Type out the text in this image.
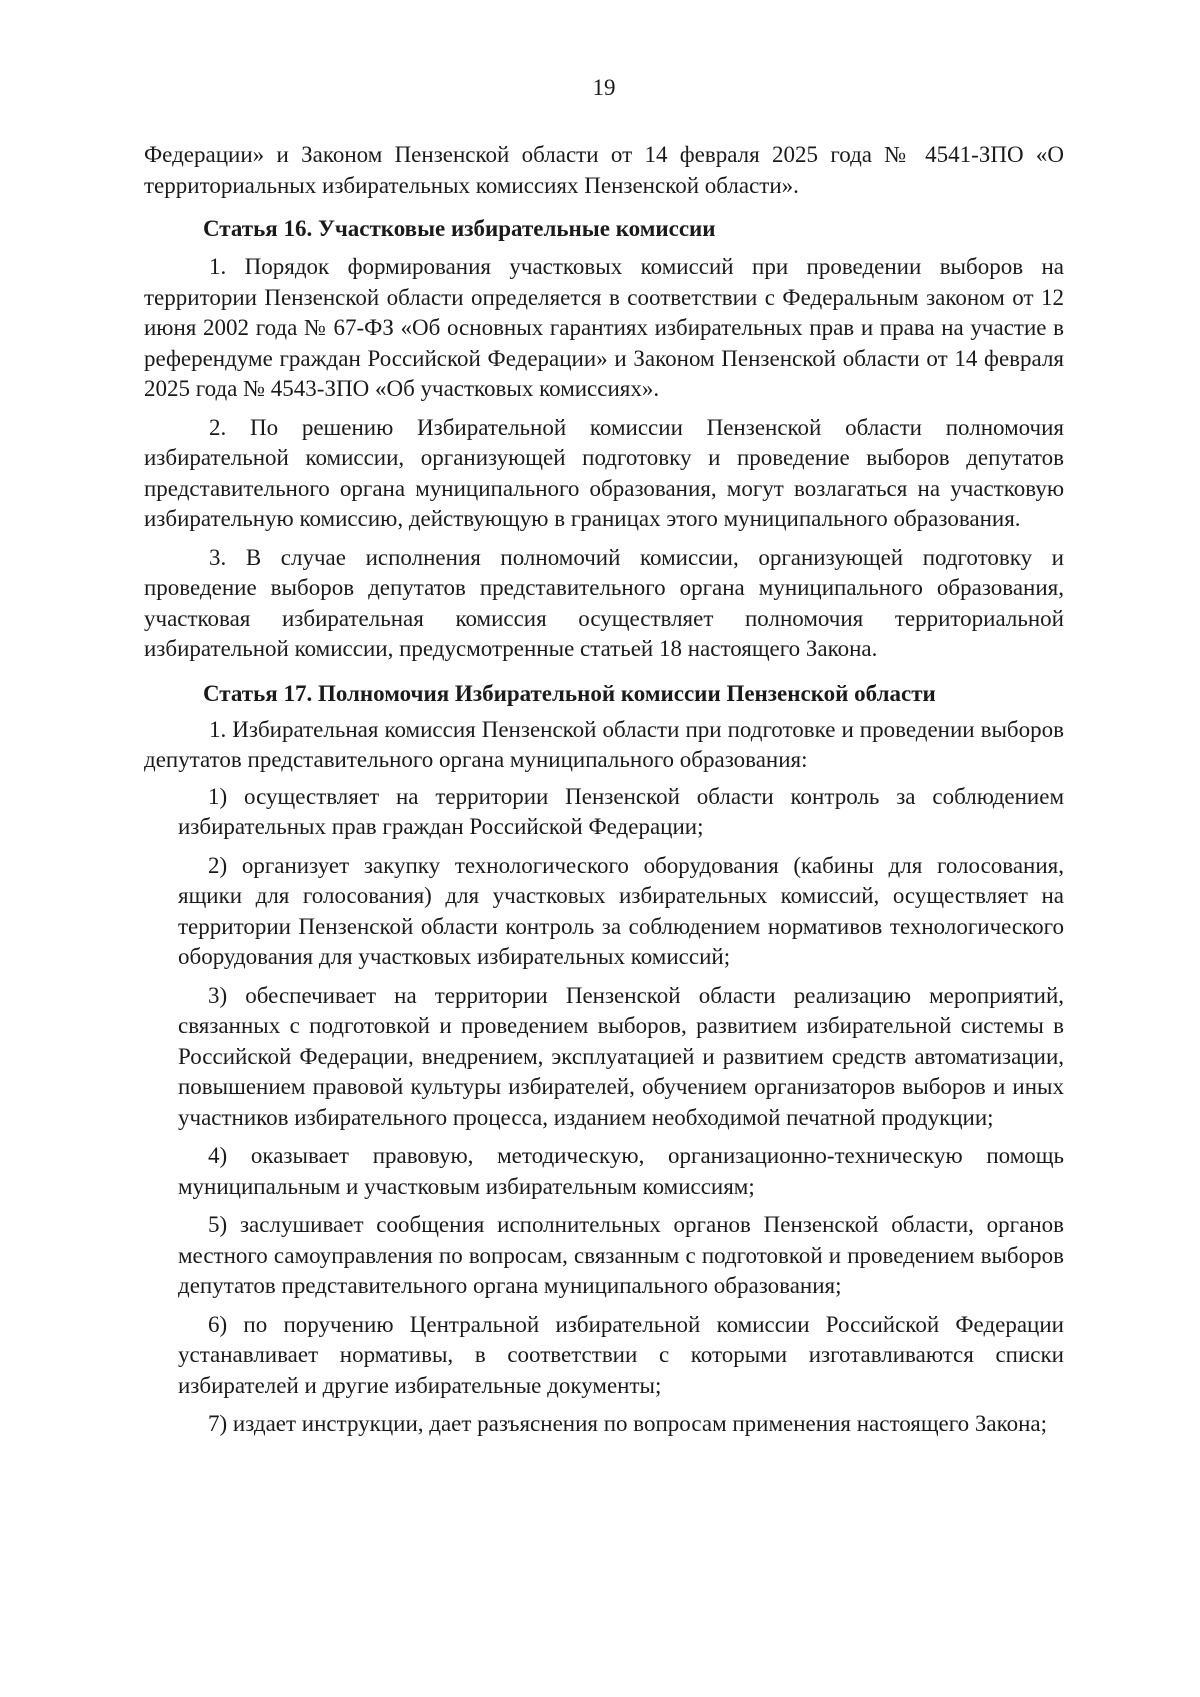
19

Федерации» и Законом Пензенской области от 14 февраля 2025 года № 4541-ЗПО «О территориальных избирательных комиссиях Пензенской области».

Статья 16. Участковые избирательные комиссии

1. Порядок формирования участковых комиссий при проведении выборов на территории Пензенской области определяется в соответствии с Федеральным законом от 12 июня 2002 года № 67-ФЗ «Об основных гарантиях избирательных прав и права на участие в референдуме граждан Российской Федерации» и Законом Пензенской области от 14 февраля 2025 года № 4543-ЗПО «Об участковых комиссиях».

2. По решению Избирательной комиссии Пензенской области полномочия избирательной комиссии, организующей подготовку и проведение выборов депутатов представительного органа муниципального образования, могут возлагаться на участковую избирательную комиссию, действующую в границах этого муниципального образования.

3. В случае исполнения полномочий комиссии, организующей подготовку и проведение выборов депутатов представительного органа муниципального образования, участковая избирательная комиссия осуществляет полномочия территориальной избирательной комиссии, предусмотренные статьей 18 настоящего Закона.

Статья 17. Полномочия Избирательной комиссии Пензенской области

1. Избирательная комиссия Пензенской области при подготовке и проведении выборов депутатов представительного органа муниципального образования:

1) осуществляет на территории Пензенской области контроль за соблюдением избирательных прав граждан Российской Федерации;

2) организует закупку технологического оборудования (кабины для голосования, ящики для голосования) для участковых избирательных комиссий, осуществляет на территории Пензенской области контроль за соблюдением нормативов технологического оборудования для участковых избирательных комиссий;

3) обеспечивает на территории Пензенской области реализацию мероприятий, связанных с подготовкой и проведением выборов, развитием избирательной системы в Российской Федерации, внедрением, эксплуатацией и развитием средств автоматизации, повышением правовой культуры избирателей, обучением организаторов выборов и иных участников избирательного процесса, изданием необходимой печатной продукции;

4) оказывает правовую, методическую, организационно-техническую помощь муниципальным и участковым избирательным комиссиям;

5) заслушивает сообщения исполнительных органов Пензенской области, органов местного самоуправления по вопросам, связанным с подготовкой и проведением выборов депутатов представительного органа муниципального образования;

6) по поручению Центральной избирательной комиссии Российской Федерации устанавливает нормативы, в соответствии с которыми изготавливаются списки избирателей и другие избирательные документы;

7) издает инструкции, дает разъяснения по вопросам применения настоящего Закона;
